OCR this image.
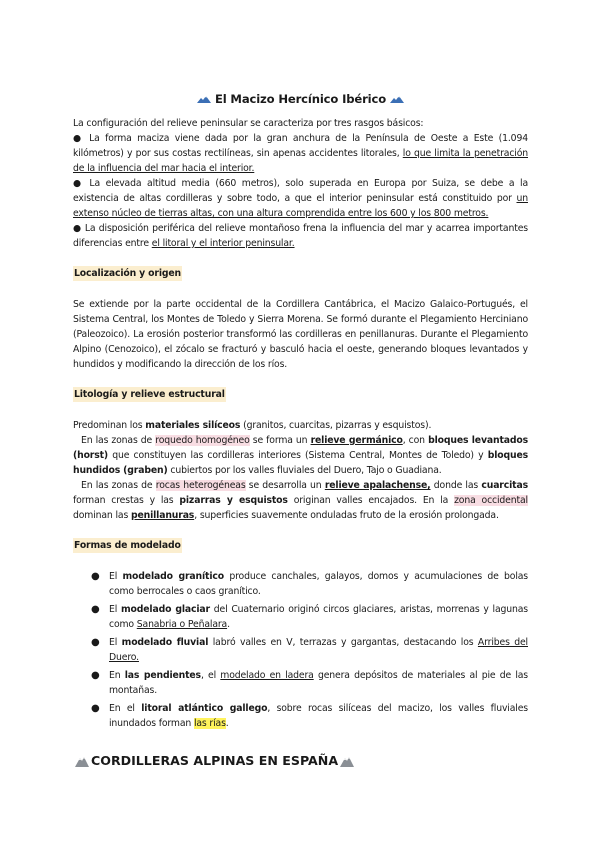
El Macizo Hercínico Ibérico

La configuración del relieve peninsular se caracteriza por tres rasgos básicos:

● La forma maciza viene dada por la gran anchura de la Península de Oeste a Este (1.094 kilómetros) y por sus costas rectilíneas, sin apenas accidentes litorales, lo que limita la penetración de la influencia del mar hacia el interior.

● La elevada altitud media (660 metros), solo superada en Europa por Suiza, se debe a la existencia de altas cordilleras y sobre todo, a que el interior peninsular está constituido por un extenso núcleo de tierras altas, con una altura comprendida entre los 600 y los 800 metros.

● La disposición periférica del relieve montañoso frena la influencia del mar y acarrea importantes diferencias entre el litoral y el interior peninsular.

Localización y origen

Se extiende por la parte occidental de la Cordillera Cantábrica, el Macizo Galaico-Portugués, el Sistema Central, los Montes de Toledo y Sierra Morena. Se formó durante el Plegamiento Herciniano (Paleozoico). La erosión posterior transformó las cordilleras en penillanuras. Durante el Plegamiento Alpino (Cenozoico), el zócalo se fracturó y basculó hacia el oeste, generando bloques levantados y hundidos y modificando la dirección de los ríos.

Litología y relieve estructural

Predominan los materiales silíceos (granitos, cuarcitas, pizarras y esquistos).

En las zonas de roquedo homogéneo se forma un relieve germánico, con bloques levantados (horst) que constituyen las cordilleras interiores (Sistema Central, Montes de Toledo) y bloques hundidos (graben) cubiertos por los valles fluviales del Duero, Tajo o Guadiana.

En las zonas de rocas heterogéneas se desarrolla un relieve apalachense, donde las cuarcitas forman crestas y las pizarras y esquistos originan valles encajados. En la zona occidental dominan las penillanuras, superficies suavemente onduladas fruto de la erosión prolongada.

Formas de modelado

● El modelado granítico produce canchales, galayos, domos y acumulaciones de bolas como berrocales o caos granítico.
● El modelado glaciar del Cuaternario originó circos glaciares, aristas, morrenas y lagunas como Sanabria o Peñalara.
● El modelado fluvial labró valles en V, terrazas y gargantas, destacando los Arribes del Duero.
● En las pendientes, el modelado en ladera genera depósitos de materiales al pie de las montañas.
● En el litoral atlántico gallego, sobre rocas silíceas del macizo, los valles fluviales inundados forman las rías.
CORDILLERAS ALPINAS EN ESPAÑA
